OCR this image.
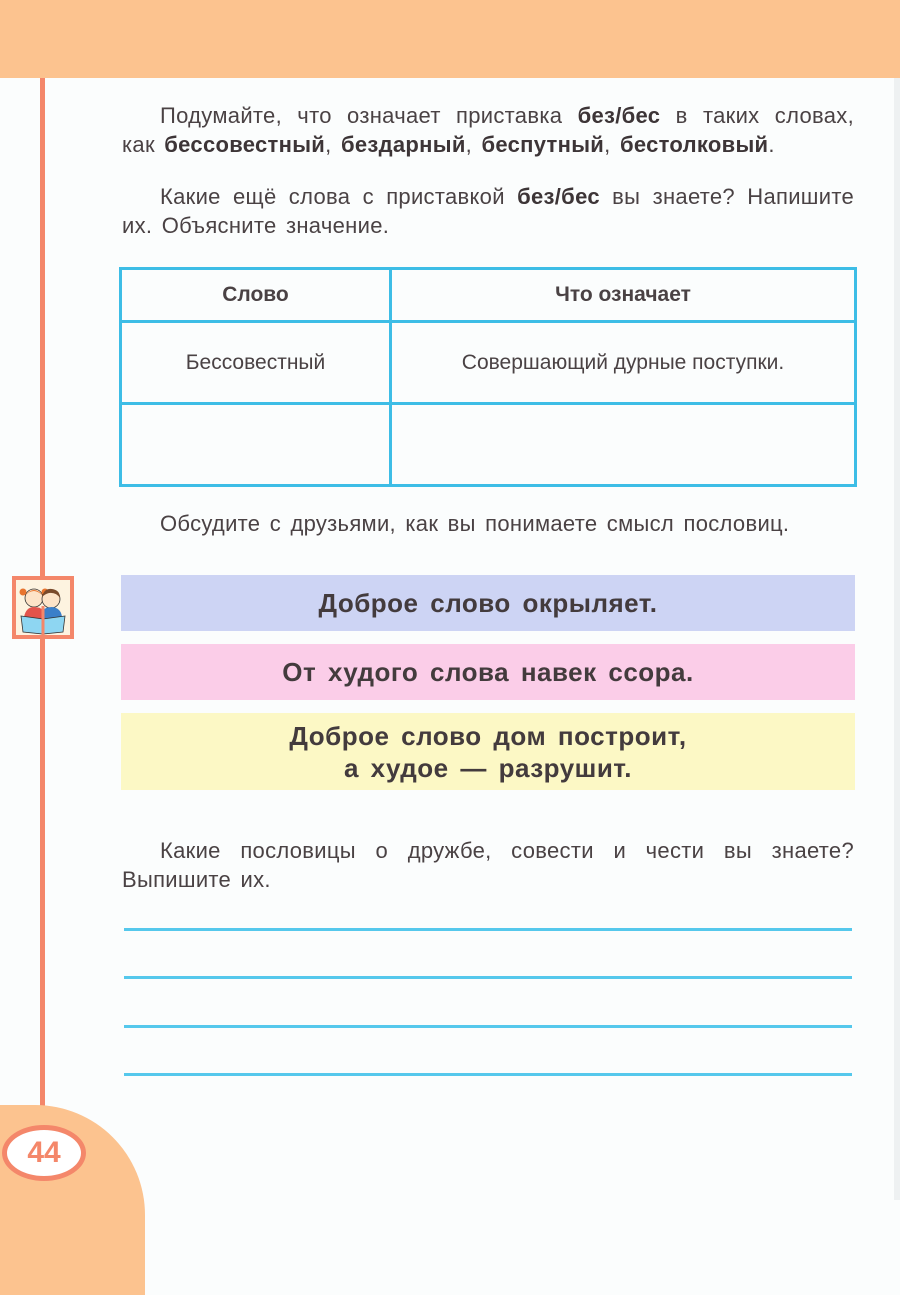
44

Подумайте, что означает приставка без/бес в таких словах, как бессовестный, бездарный, беспутный, бестолковый.

Какие ещё слова с приставкой без/бес вы знаете? Напишите их. Объясните значение.

Слово	Что означает
Бессовестный	Совершающий дурные поступки.

Обсудите с друзьями, как вы понимаете смысл пословиц.

Доброе слово окрыляет.
От худого слова навек ссора.
Доброе слово дом построит,
а худое — разрушит.

Какие пословицы о дружбе, совести и чести вы знаете? Выпишите их.
